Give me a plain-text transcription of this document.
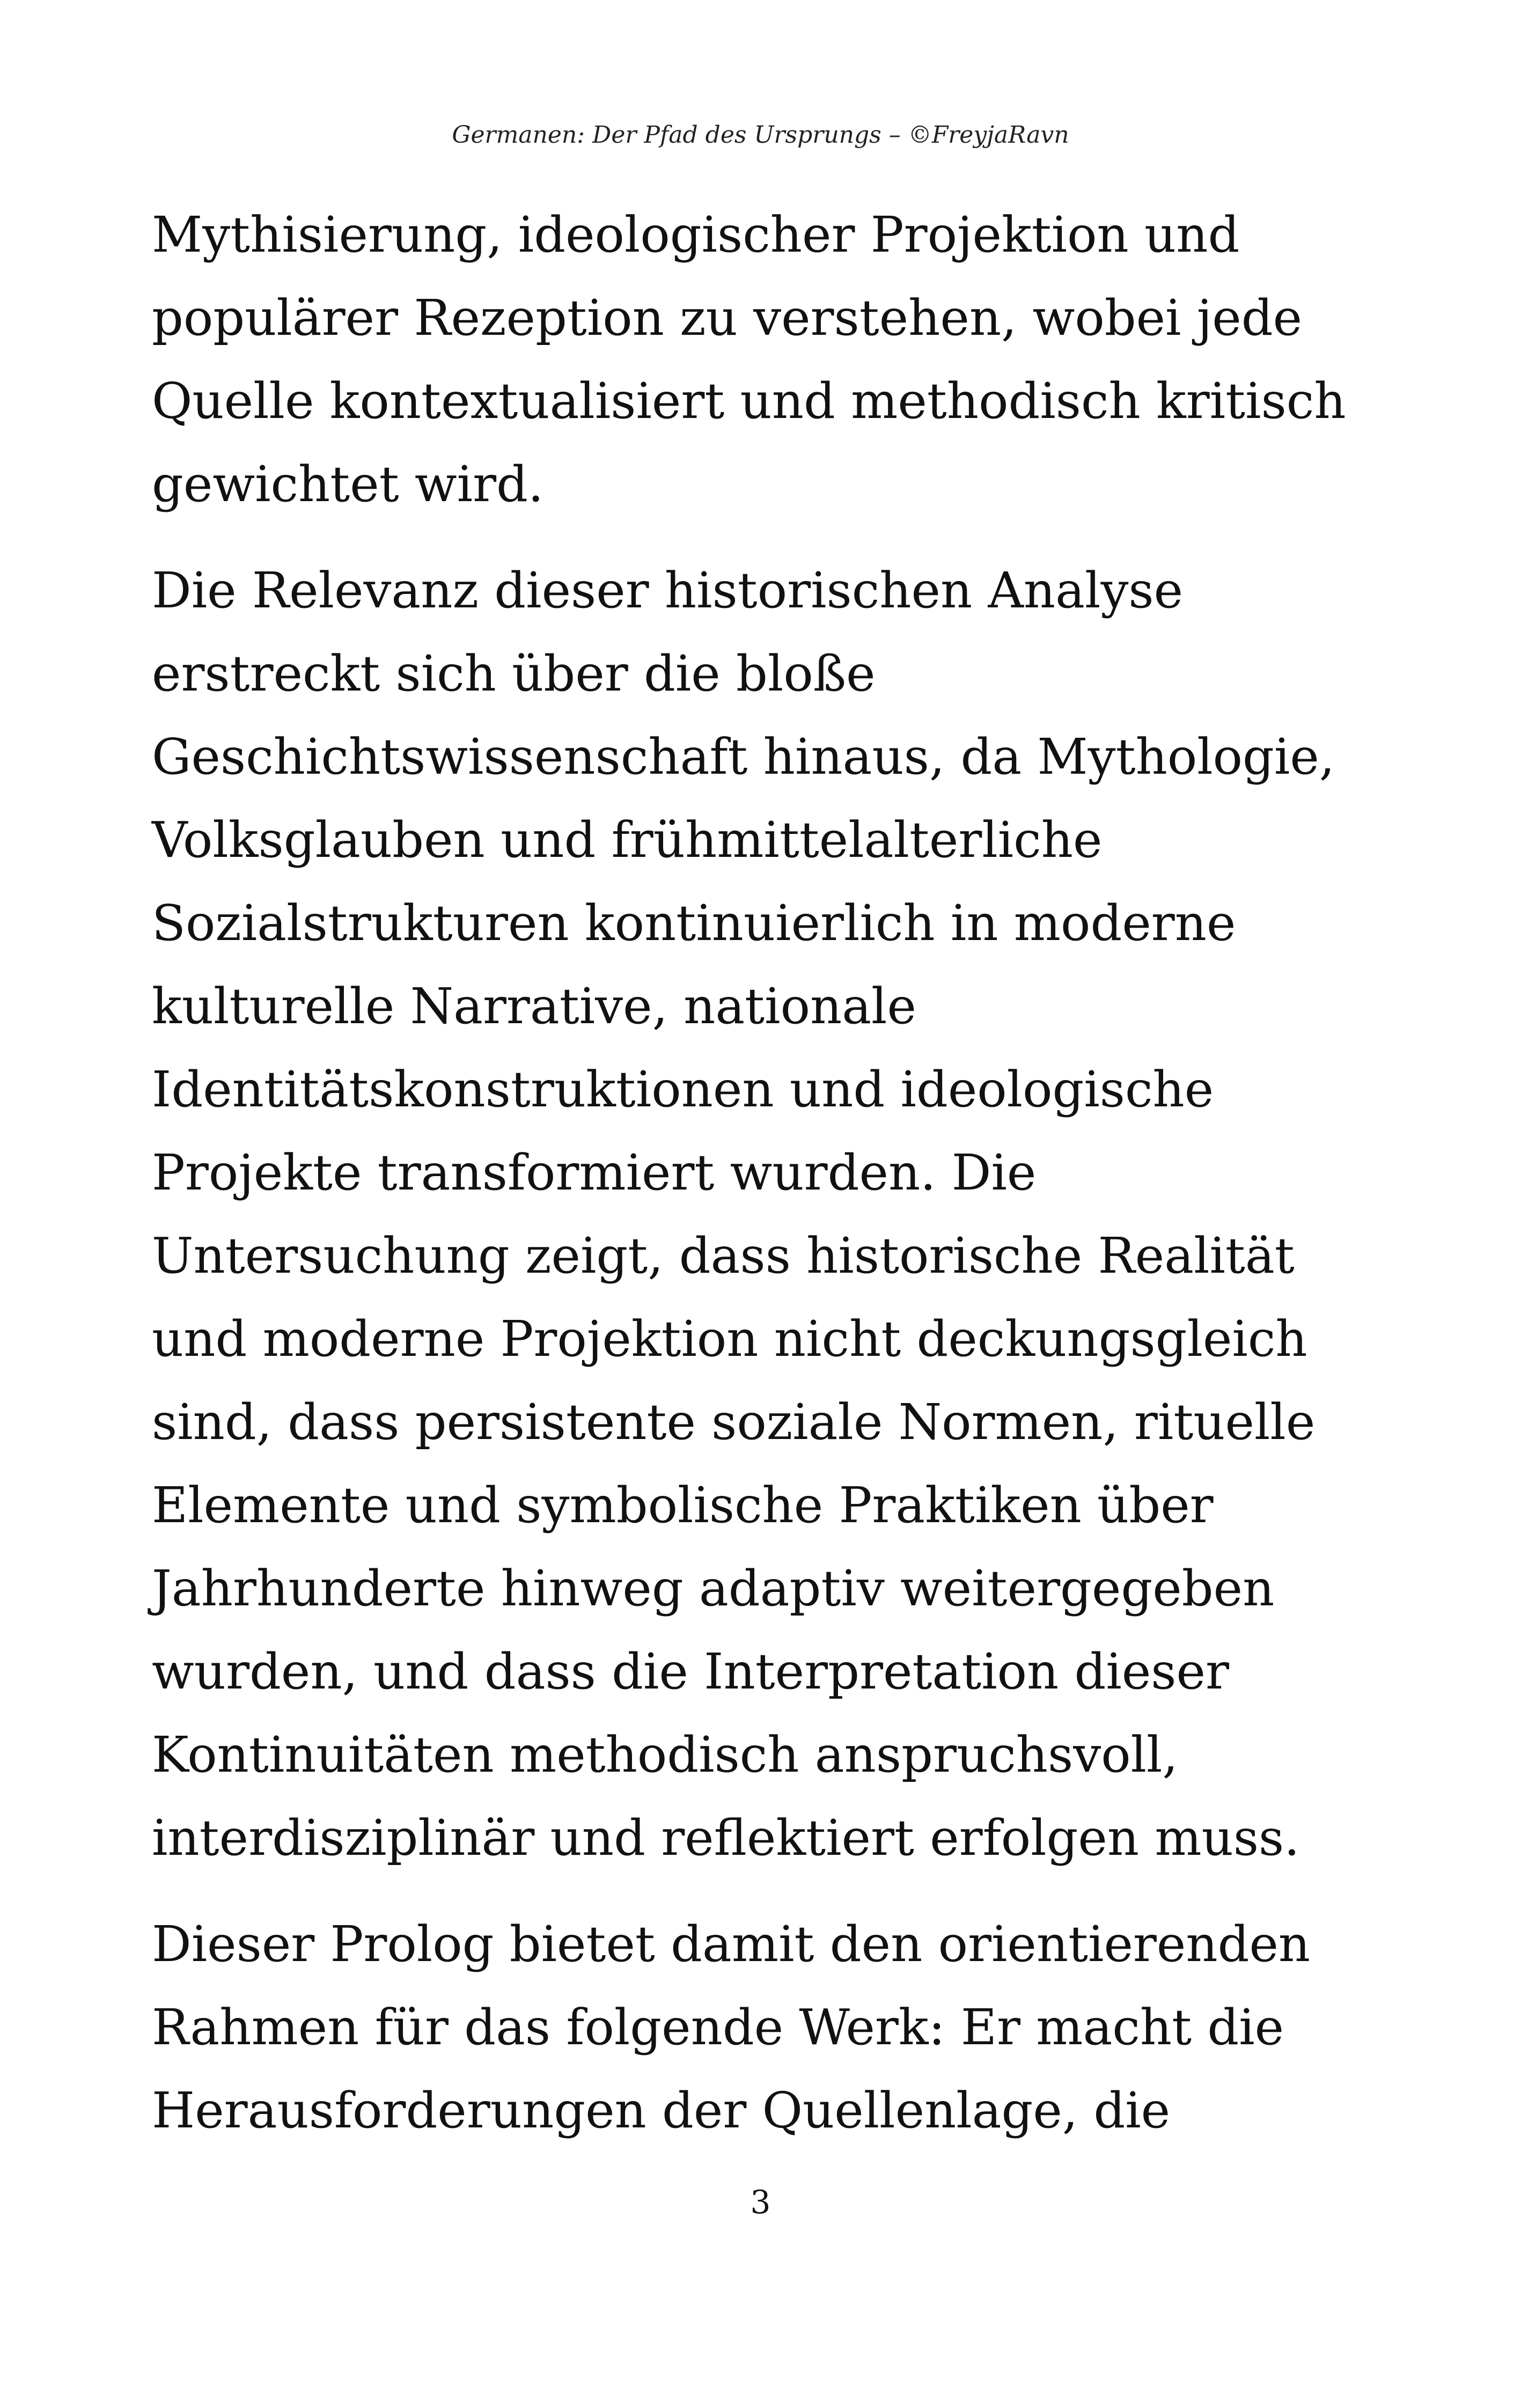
Germanen: Der Pfad des Ursprungs – ©FreyjaRavn
Mythisierung, ideologischer Projektion und
populärer Rezeption zu verstehen, wobei jede
Quelle kontextualisiert und methodisch kritisch
gewichtet wird.
Die Relevanz dieser historischen Analyse
erstreckt sich über die bloße
Geschichtswissenschaft hinaus, da Mythologie,
Volksglauben und frühmittelalterliche
Sozialstrukturen kontinuierlich in moderne
kulturelle Narrative, nationale
Identitätskonstruktionen und ideologische
Projekte transformiert wurden. Die
Untersuchung zeigt, dass historische Realität
und moderne Projektion nicht deckungsgleich
sind, dass persistente soziale Normen, rituelle
Elemente und symbolische Praktiken über
Jahrhunderte hinweg adaptiv weitergegeben
wurden, und dass die Interpretation dieser
Kontinuitäten methodisch anspruchsvoll,
interdisziplinär und reflektiert erfolgen muss.
Dieser Prolog bietet damit den orientierenden
Rahmen für das folgende Werk: Er macht die
Herausforderungen der Quellenlage, die
3
